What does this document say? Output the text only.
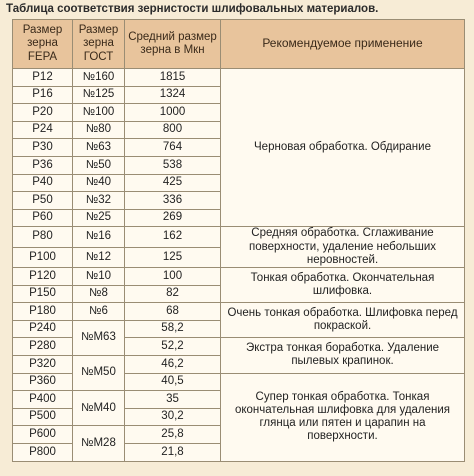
Таблица соответствия зернистости шлифовальных материалов.
Размер зерна FEPA	Размер зерна ГОСТ	Средний размер зерна в Мкн	Рекомендуемое применение
P12	№160	1815	Черновая обработка. Обдирание
P16	№125	1324	
P20	№100	1000	
P24	№80	800	
P30	№63	764	
P36	№50	538	
P40	№40	425	
P50	№32	336	
P60	№25	269	
P80	№16	162	Средняя обработка. Сглаживание поверхности, удаление небольших неровностей.
P100	№12	125	
P120	№10	100	Тонкая обработка. Окончательная шлифовка.
P150	№8	82	
P180	№6	68	Очень тонкая обработка. Шлифовка перед покраской.
P240	№М63	58,2	
P280		52,2	Экстра тонкая боработка. Удаление пылевых крапинок.
P320	№М50	46,2	
P360		40,5	Супер тонкая обработка. Тонкая окончательная шлифовка для удаления глянца или пятен и царапин на поверхности.
P400	№М40	35	
P500		30,2	
P600	№М28	25,8	
P800		21,8	
